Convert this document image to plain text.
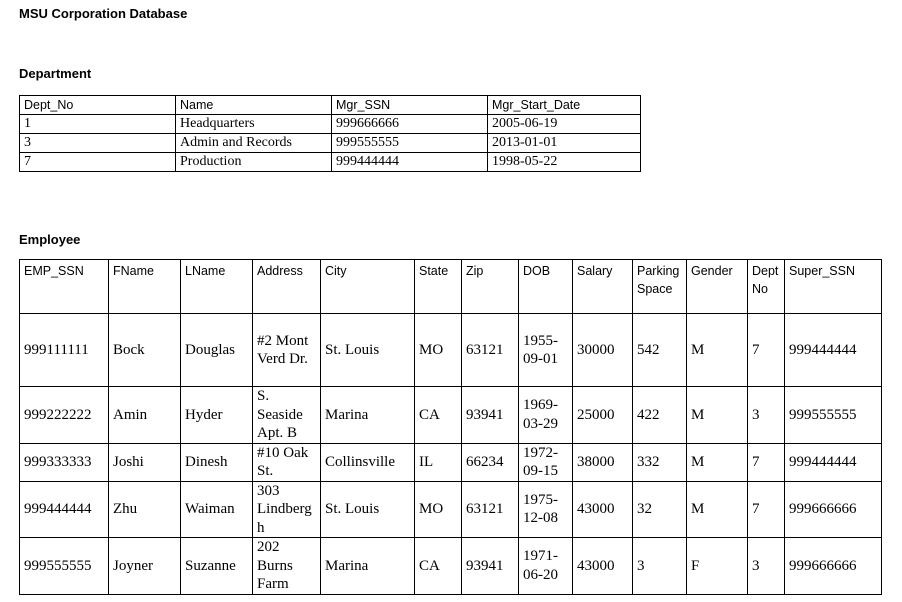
MSU Corporation Database
Department
Dept_No	Name	Mgr_SSN	Mgr_Start_Date
1	Headquarters	999666666	2005-06-19
3	Admin and Records	999555555	2013-01-01
7	Production	999444444	1998-05-22
Employee
EMP_SSN	FName	LName	Address	City	State	Zip	DOB	Salary	Parking Space	Gender	Dept No	Super_SSN
999111111	Bock	Douglas	#2 Mont Verd Dr.	St. Louis	MO	63121	1955-09-01	30000	542	M	7	999444444
999222222	Amin	Hyder	S. Seaside Apt. B	Marina	CA	93941	1969-03-29	25000	422	M	3	999555555
999333333	Joshi	Dinesh	#10 Oak St.	Collinsville	IL	66234	1972-09-15	38000	332	M	7	999444444
999444444	Zhu	Waiman	303 Lindbergh	St. Louis	MO	63121	1975-12-08	43000	32	M	7	999666666
999555555	Joyner	Suzanne	202 Burns Farm	Marina	CA	93941	1971-06-20	43000	3	F	3	999666666
